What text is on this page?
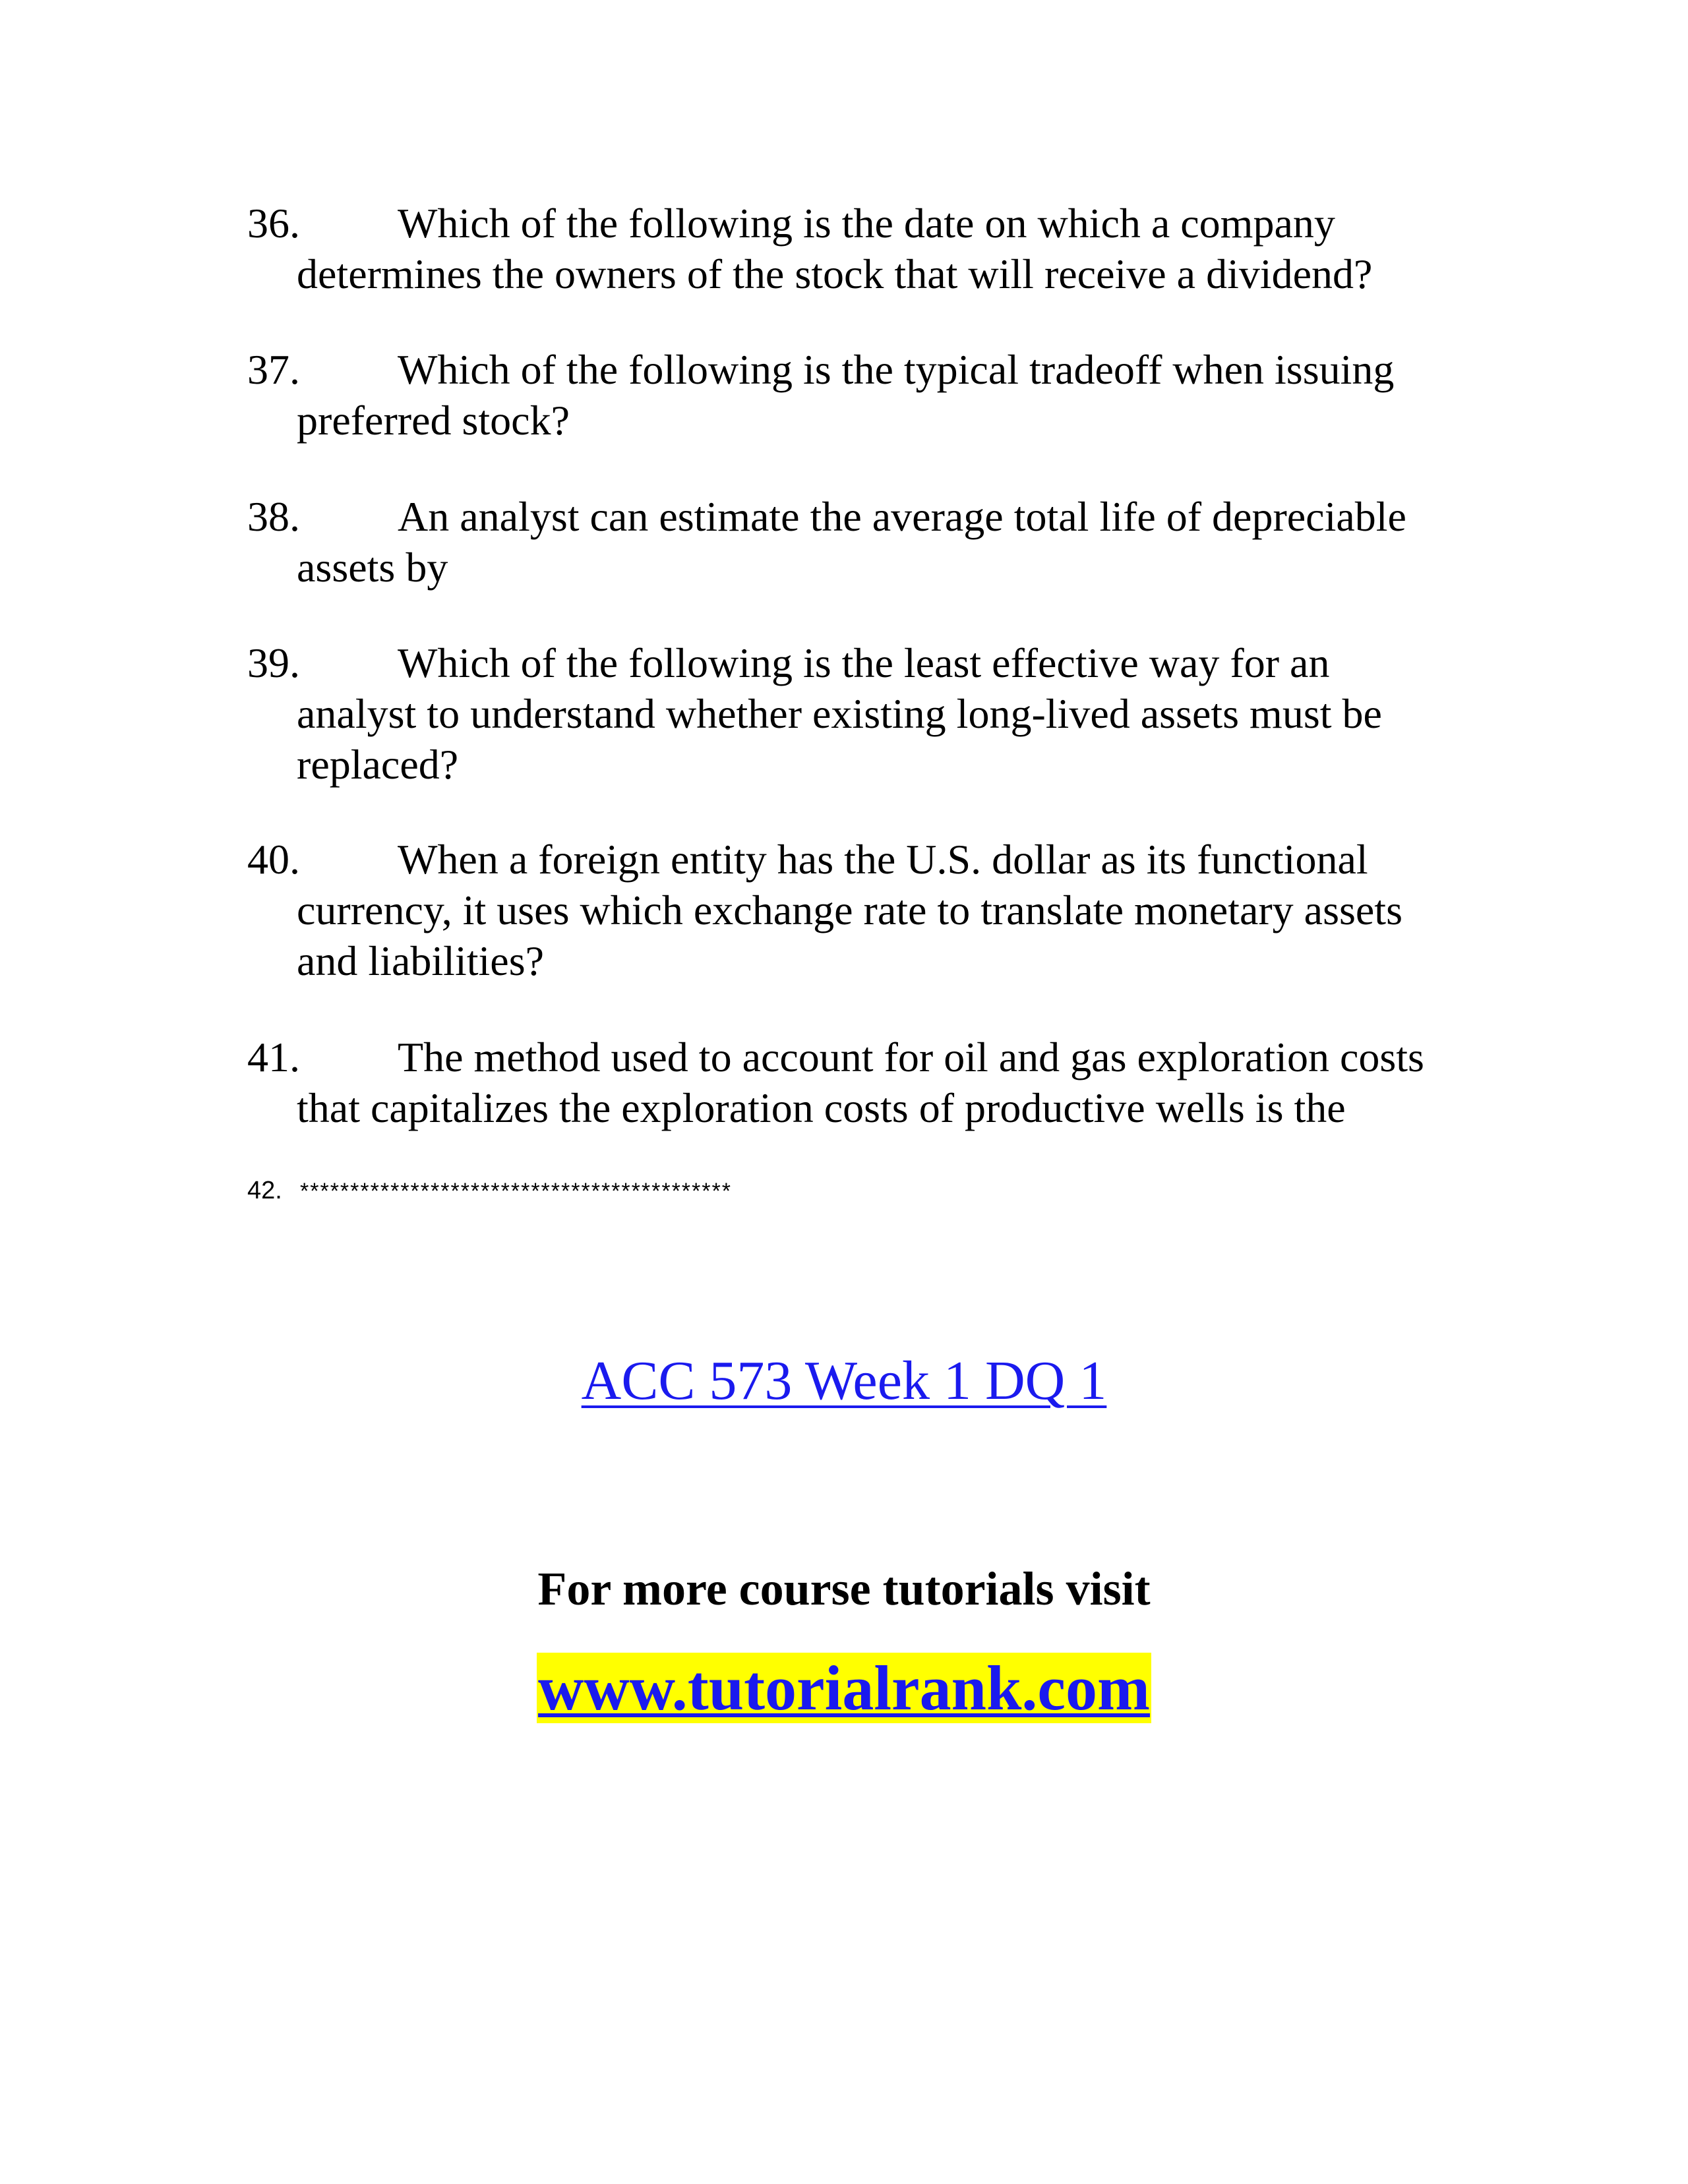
36. Which of the following is the date on which a company
determines the owners of the stock that will receive a dividend?
37. Which of the following is the typical tradeoff when issuing
preferred stock?
38. An analyst can estimate the average total life of depreciable
assets by
39. Which of the following is the least effective way for an
analyst to understand whether existing long-lived assets must be
replaced?
40. When a foreign entity has the U.S. dollar as its functional
currency, it uses which exchange rate to translate monetary assets
and liabilities?
41. The method used to account for oil and gas exploration costs
that capitalizes the exploration costs of productive wells is the
42. *******************************************
ACC 573 Week 1 DQ 1
For more course tutorials visit
www.tutorialrank.com
